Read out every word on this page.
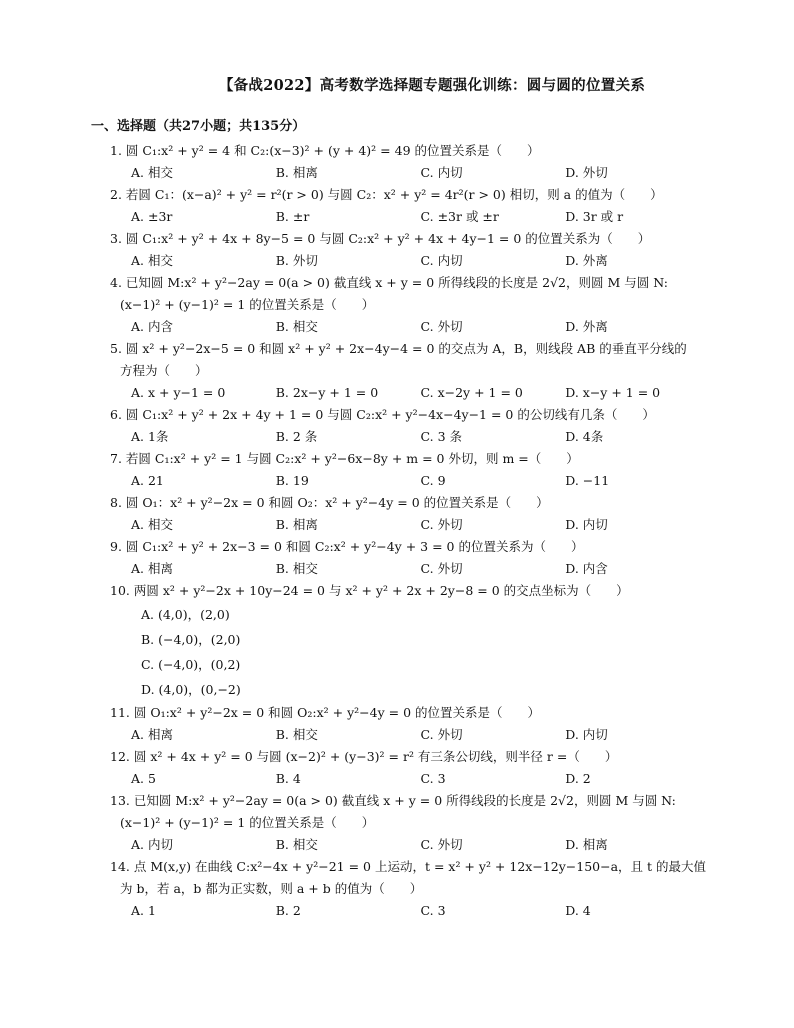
【备战2022】高考数学选择题专题强化训练：圆与圆的位置关系
一、选择题（共27小题；共135分）
1. 圆 C₁:x² + y² = 4 和 C₂:(x−3)² + (y + 4)² = 49 的位置关系是（　　）
A. 相交	B. 相离	C. 内切	D. 外切
2. 若圆 C₁：(x−a)² + y² = r²(r > 0) 与圆 C₂：x² + y² = 4r²(r > 0) 相切，则 a 的值为（　　）
A. ±3r	B. ±r	C. ±3r 或 ±r	D. 3r 或 r
3. 圆 C₁:x² + y² + 4x + 8y−5 = 0 与圆 C₂:x² + y² + 4x + 4y−1 = 0 的位置关系为（　　）
A. 相交	B. 外切	C. 内切	D. 外离
4. 已知圆 M:x² + y²−2ay = 0(a > 0) 截直线 x + y = 0 所得线段的长度是 2√2，则圆 M 与圆 N:
(x−1)² + (y−1)² = 1 的位置关系是（　　）
A. 内含	B. 相交	C. 外切	D. 外离
5. 圆 x² + y²−2x−5 = 0 和圆 x² + y² + 2x−4y−4 = 0 的交点为 A，B，则线段 AB 的垂直平分线的
方程为（　　）
A. x + y−1 = 0	B. 2x−y + 1 = 0	C. x−2y + 1 = 0	D. x−y + 1 = 0
6. 圆 C₁:x² + y² + 2x + 4y + 1 = 0 与圆 C₂:x² + y²−4x−4y−1 = 0 的公切线有几条（　　）
A. 1条	B. 2 条	C. 3 条	D. 4条
7. 若圆 C₁:x² + y² = 1 与圆 C₂:x² + y²−6x−8y + m = 0 外切，则 m =（　　）
A. 21	B. 19	C. 9	D. −11
8. 圆 O₁：x² + y²−2x = 0 和圆 O₂：x² + y²−4y = 0 的位置关系是（　　）
A. 相交	B. 相离	C. 外切	D. 内切
9. 圆 C₁:x² + y² + 2x−3 = 0 和圆 C₂:x² + y²−4y + 3 = 0 的位置关系为（　　）
A. 相离	B. 相交	C. 外切	D. 内含
10. 两圆 x² + y²−2x + 10y−24 = 0 与 x² + y² + 2x + 2y−8 = 0 的交点坐标为（　　）
A. (4,0)，(2,0)
B. (−4,0)，(2,0)
C. (−4,0)，(0,2)
D. (4,0)，(0,−2)
11. 圆 O₁:x² + y²−2x = 0 和圆 O₂:x² + y²−4y = 0 的位置关系是（　　）
A. 相离	B. 相交	C. 外切	D. 内切
12. 圆 x² + 4x + y² = 0 与圆 (x−2)² + (y−3)² = r² 有三条公切线，则半径 r =（　　）
A. 5	B. 4	C. 3	D. 2
13. 已知圆 M:x² + y²−2ay = 0(a > 0) 截直线 x + y = 0 所得线段的长度是 2√2，则圆 M 与圆 N:
(x−1)² + (y−1)² = 1 的位置关系是（　　）
A. 内切	B. 相交	C. 外切	D. 相离
14. 点 M(x,y) 在曲线 C:x²−4x + y²−21 = 0 上运动，t = x² + y² + 12x−12y−150−a，且 t 的最大值
为 b，若 a，b 都为正实数，则 a + b 的值为（　　）
A. 1	B. 2	C. 3	D. 4
